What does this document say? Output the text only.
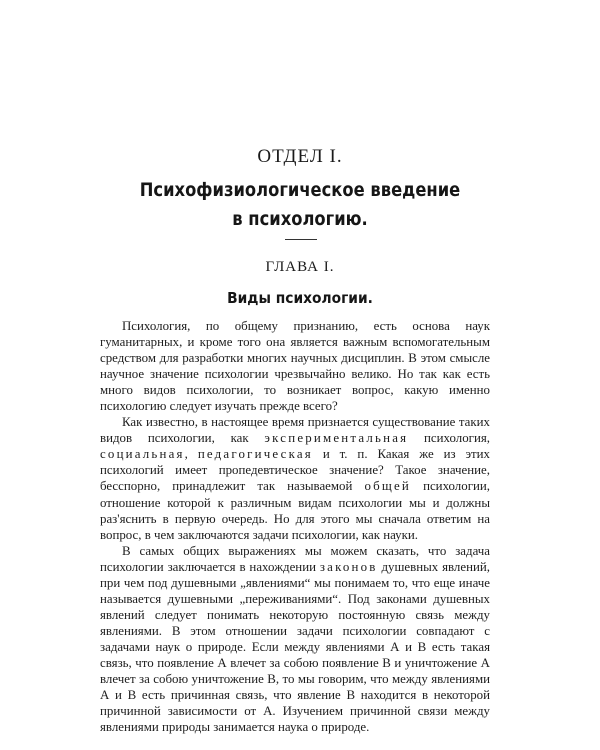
ОТДЕЛ I.
Психофизиологическое введение
в психологию.
ГЛАВА I.
Виды психологии.

Психология, по общему признанию, есть основа наук гуманитарных, и кроме того она является важным вспомогательным средством для разработки многих научных дисциплин. В этом смысле научное значение психологии чрезвычайно велико. Но так как есть много видов психологии, то возникает вопрос, какую именно психологию следует изучать прежде всего?

Как известно, в настоящее время признается существование таких видов психологии, как экспериментальная психология, социальная, педагогическая и т. п. Какая же из этих психологий имеет пропедевтическое значение? Такое значение, бесспорно, принадлежит так называемой общей психологии, отношение которой к различным видам психологии мы и должны раз'яснить в первую очередь. Но для этого мы сначала ответим на вопрос, в чем заключаются задачи психологии, как науки.

В самых общих выражениях мы можем сказать, что задача психологии заключается в нахождении законов душевных явлений, при чем под душевными „явлениями“ мы понимаем то, что еще иначе называется душевными „переживаниями“. Под законами душевных явлений следует понимать некоторую постоянную связь между явлениями. В этом отношении задачи психологии совпадают с задачами наук о природе. Если между явлениями А и В есть такая связь, что появление А влечет за собою появление В и уничтожение А влечет за собою уничтожение В, то мы говорим, что между явлениями А и В есть причинная связь, что явление В находится в некоторой причинной зависимости от А. Изучением причинной связи между явлениями природы занимается наука о природе.
